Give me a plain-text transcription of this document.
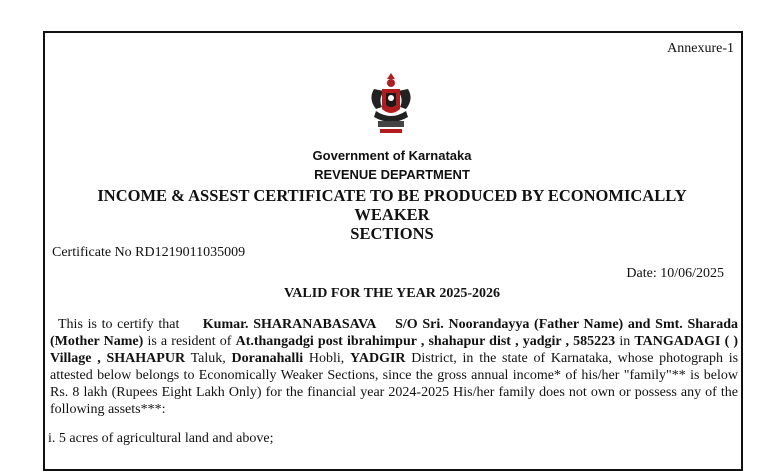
Annexure-1
Government of Karnataka
REVENUE DEPARTMENT
INCOME & ASSEST CERTIFICATE TO BE PRODUCED BY ECONOMICALLY WEAKER
SECTIONS
Certificate No RD1219011035009
Date: 10/06/2025
VALID FOR THE YEAR 2025-2026
This is to certify that Kumar. SHARANABASAVA S/O Sri. Noorandayya (Father Name) and Smt. Sharada (Mother Name) is a resident of At.thangadgi post ibrahimpur , shahapur dist , yadgir , 585223 in TANGADAGI ( ) Village , SHAHAPUR Taluk, Doranahalli Hobli, YADGIR District, in the state of Karnataka, whose photograph is attested below belongs to Economically Weaker Sections, since the gross annual income* of his/her "family"** is below Rs. 8 lakh (Rupees Eight Lakh Only) for the financial year 2024-2025 His/her family does not own or possess any of the following assets***:
i. 5 acres of agricultural land and above;
